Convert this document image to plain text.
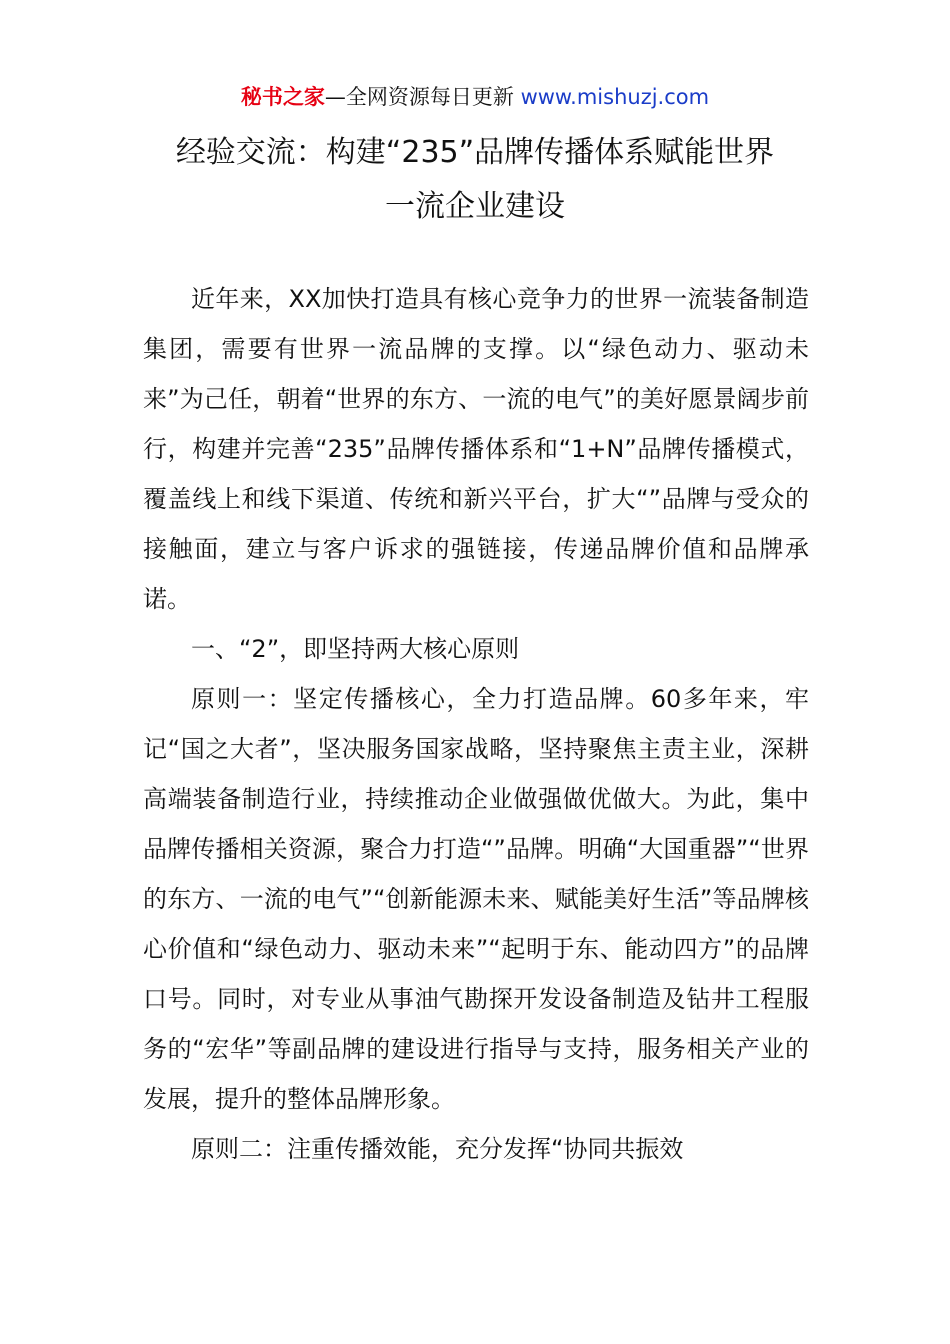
秘书之家—全网资源每日更新 www.mishuzj.com
经验交流：构建“235”品牌传播体系赋能世界
一流企业建设

近年来，XX加快打造具有核心竞争力的世界一流装备制造集团，需要有世界一流品牌的支撑。以“绿色动力、驱动未来”为己任，朝着“世界的东方、一流的电气”的美好愿景阔步前行，构建并完善“235”品牌传播体系和“1+N”品牌传播模式，覆盖线上和线下渠道、传统和新兴平台，扩大“”品牌与受众的接触面，建立与客户诉求的强链接，传递品牌价值和品牌承诺。

一、“2”，即坚持两大核心原则

原则一：坚定传播核心，全力打造品牌。60多年来，牢记“国之大者”，坚决服务国家战略，坚持聚焦主责主业，深耕高端装备制造行业，持续推动企业做强做优做大。为此，集中品牌传播相关资源，聚合力打造“”品牌。明确“大国重器”“世界的东方、一流的电气”“创新能源未来、赋能美好生活”等品牌核心价值和“绿色动力、驱动未来”“起明于东、能动四方”的品牌口号。同时，对专业从事油气勘探开发设备制造及钻井工程服务的“宏华”等副品牌的建设进行指导与支持，服务相关产业的发展，提升的整体品牌形象。

原则二：注重传播效能，充分发挥“协同共振效
